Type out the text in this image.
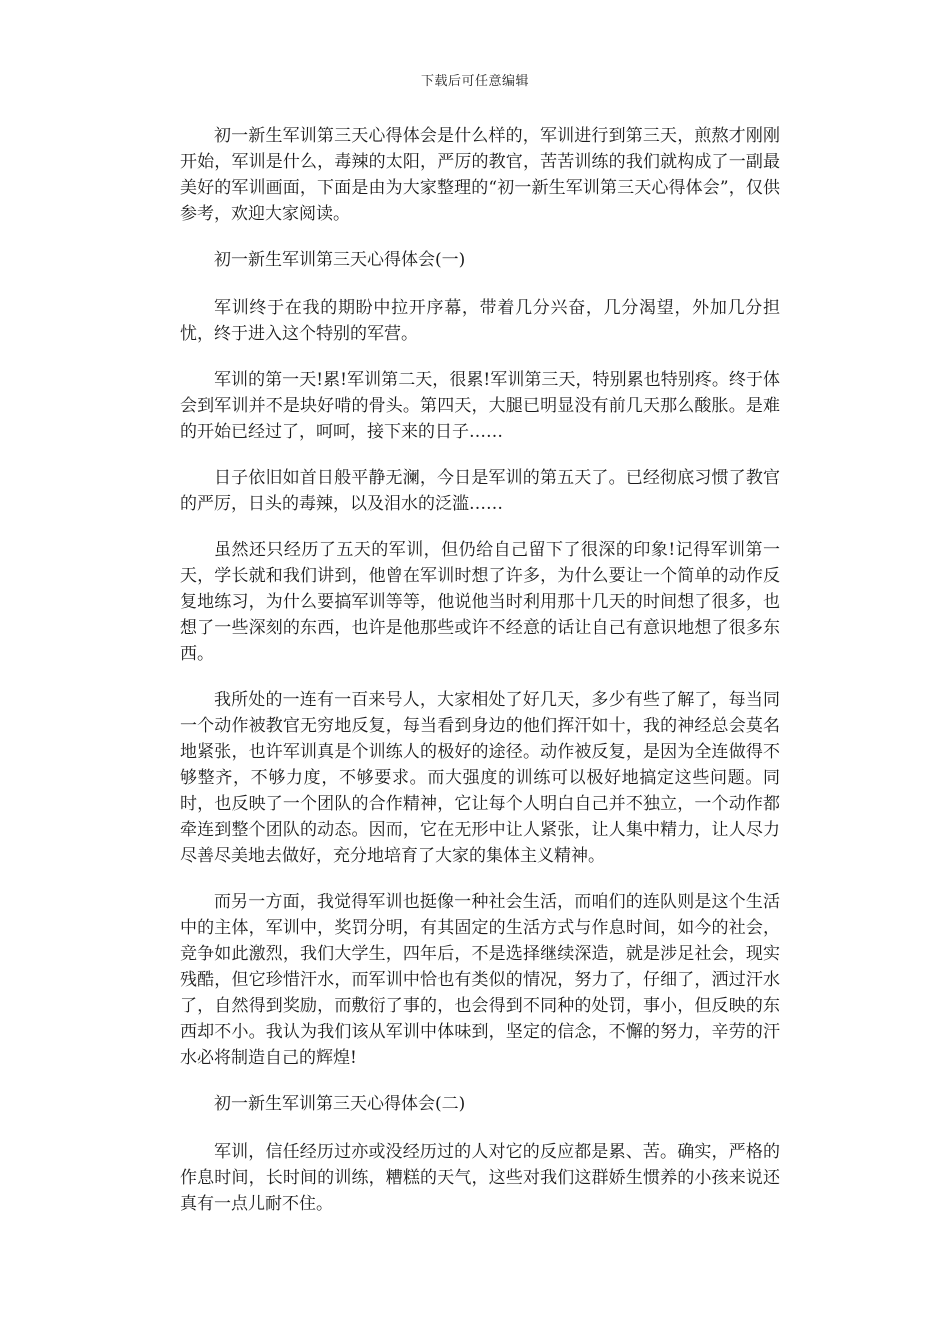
下载后可任意编辑

初一新生军训第三天心得体会是什么样的，军训进行到第三天，煎熬才刚刚开始，军训是什么，毒辣的太阳，严厉的教官，苦苦训练的我们就构成了一副最美好的军训画面，下面是由为大家整理的“初一新生军训第三天心得体会”，仅供参考，欢迎大家阅读。

初一新生军训第三天心得体会(一)

军训终于在我的期盼中拉开序幕，带着几分兴奋，几分渴望，外加几分担忧，终于进入这个特别的军营。

军训的第一天!累!军训第二天，很累!军训第三天，特别累也特别疼。终于体会到军训并不是块好啃的骨头。第四天，大腿已明显没有前几天那么酸胀。是难的开始已经过了，呵呵，接下来的日子……

日子依旧如首日般平静无澜，今日是军训的第五天了。已经彻底习惯了教官的严厉，日头的毒辣，以及泪水的泛滥……

虽然还只经历了五天的军训，但仍给自己留下了很深的印象!记得军训第一天，学长就和我们讲到，他曾在军训时想了许多，为什么要让一个简单的动作反复地练习，为什么要搞军训等等，他说他当时利用那十几天的时间想了很多，也想了一些深刻的东西，也许是他那些或许不经意的话让自己有意识地想了很多东西。

我所处的一连有一百来号人，大家相处了好几天，多少有些了解了，每当同一个动作被教官无穷地反复，每当看到身边的他们挥汗如十，我的神经总会莫名地紧张，也许军训真是个训练人的极好的途径。动作被反复，是因为全连做得不够整齐，不够力度，不够要求。而大强度的训练可以极好地搞定这些问题。同时，也反映了一个团队的合作精神，它让每个人明白自己并不独立，一个动作都牵连到整个团队的动态。因而，它在无形中让人紧张，让人集中精力，让人尽力尽善尽美地去做好，充分地培育了大家的集体主义精神。

而另一方面，我觉得军训也挺像一种社会生活，而咱们的连队则是这个生活中的主体，军训中，奖罚分明，有其固定的生活方式与作息时间，如今的社会，竞争如此激烈，我们大学生，四年后，不是选择继续深造，就是涉足社会，现实残酷，但它珍惜汗水，而军训中恰也有类似的情况，努力了，仔细了，洒过汗水了，自然得到奖励，而敷衍了事的，也会得到不同种的处罚，事小，但反映的东西却不小。我认为我们该从军训中体味到，坚定的信念，不懈的努力，辛劳的汗水必将制造自己的辉煌!

初一新生军训第三天心得体会(二)

军训，信任经历过亦或没经历过的人对它的反应都是累、苦。确实，严格的作息时间，长时间的训练，糟糕的天气，这些对我们这群娇生惯养的小孩来说还真有一点儿耐不住。
